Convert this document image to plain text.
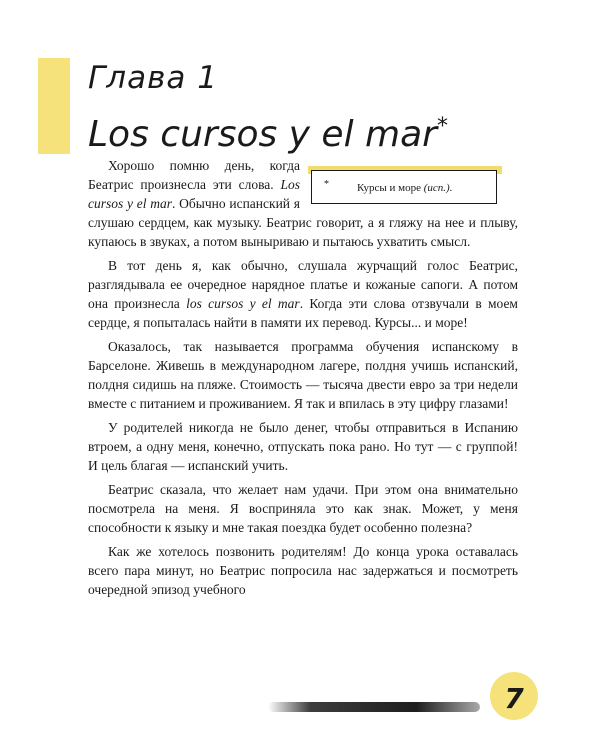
Глава 1
Los cursos y el mar*
*	Курсы и море (исп.).

Хорошо помню день, когда Беатрис произнесла эти слова. Los cursos y el mar. Обычно испанский я слушаю сердцем, как музыку. Беатрис говорит, а я гляжу на нее и плыву, купаюсь в звуках, а потом выныриваю и пытаюсь ухватить смысл.

В тот день я, как обычно, слушала журчащий голос Беатрис, разглядывала ее очередное нарядное платье и кожаные сапоги. А потом она произнесла los cursos y el mar. Когда эти слова отзвучали в моем сердце, я попыталась найти в памяти их перевод. Курсы... и море!

Оказалось, так называется программа обучения испанскому в Барселоне. Живешь в международном лагере, полдня учишь испанский, полдня сидишь на пляже. Стоимость — тысяча двести евро за три недели вместе с питанием и проживанием. Я так и впилась в эту цифру глазами!

У родителей никогда не было денег, чтобы отправиться в Испанию втроем, а одну меня, конечно, отпускать пока рано. Но тут — с группой! И цель благая — испанский учить.

Беатрис сказала, что желает нам удачи. При этом она внимательно посмотрела на меня. Я восприняла это как знак. Может, у меня способности к языку и мне такая поездка будет особенно полезна?

Как же хотелось позвонить родителям! До конца урока оставалась всего пара минут, но Беатрис попросила нас задержаться и посмотреть очередной эпизод учебного

7
